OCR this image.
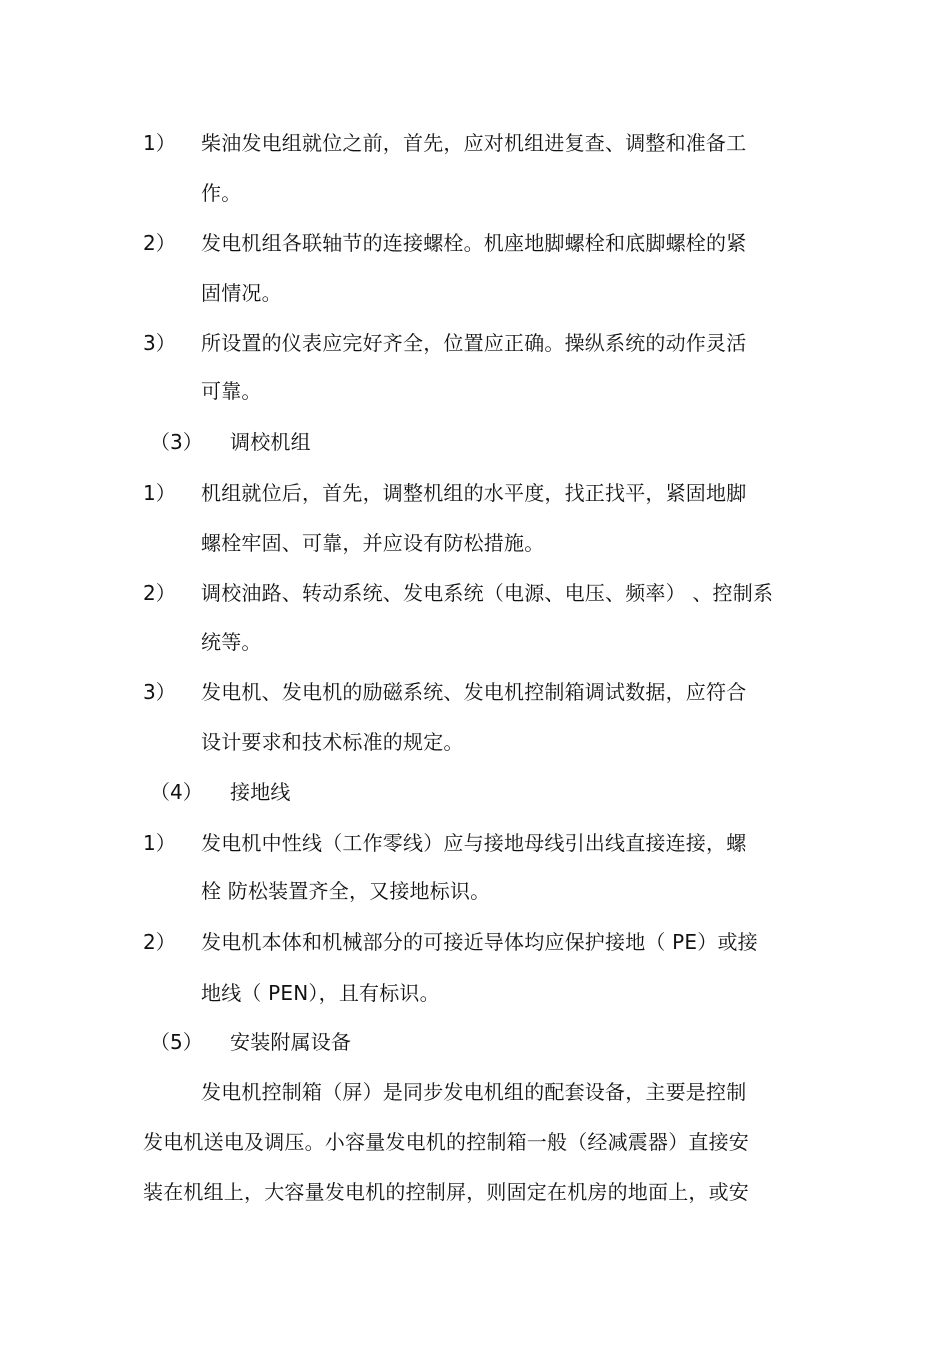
1） 柴油发电组就位之前，首先，应对机组进复查、调整和准备工
作。
2） 发电机组各联轴节的连接螺栓。机座地脚螺栓和底脚螺栓的紧
固情况。
3） 所设置的仪表应完好齐全，位置应正确。操纵系统的动作灵活
可靠。
（3） 调校机组
1） 机组就位后，首先，调整机组的水平度，找正找平，紧固地脚
螺栓牢固、可靠，并应设有防松措施。
2） 调校油路、转动系统、发电系统（电源、电压、频率） 、控制系
统等。
3） 发电机、发电机的励磁系统、发电机控制箱调试数据，应符合
设计要求和技术标准的规定。
（4） 接地线
1） 发电机中性线（工作零线）应与接地母线引出线直接连接，螺
栓 防松装置齐全，又接地标识。
2） 发电机本体和机械部分的可接近导体均应保护接地（ PE）或接
地线（ PEN），且有标识。
（5） 安装附属设备
发电机控制箱（屏）是同步发电机组的配套设备，主要是控制
发电机送电及调压。小容量发电机的控制箱一般（经减震器）直接安
装在机组上，大容量发电机的控制屏，则固定在机房的地面上，或安
